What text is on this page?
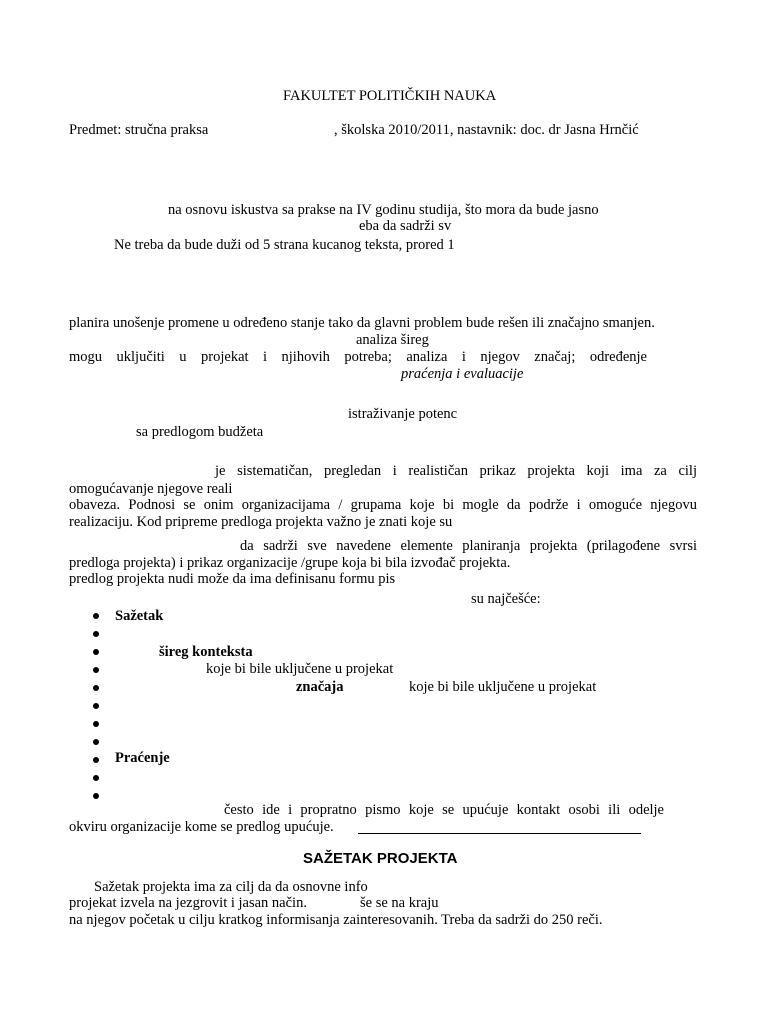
FAKULTET POLITIČKIH NAUKA
Predmet: stručna praksa	, školska 2010/2011, nastavnik: doc. dr Jasna Hrnčić
na osnovu iskustva sa prakse na IV godinu studija, što mora da bude jasno
eba da sadrži sv
Ne treba da bude duži od 5 strana kucanog teksta, prored 1
planira unošenje promene u određeno stanje tako da glavni problem bude rešen ili značajno smanjen.
analiza šireg
mogu uključiti u projekat i njihovih potreba; analiza i njegov značaj; određenje
praćenja i evaluacije
istraživanje potenc
sa predlogom budžeta
je sistematičan, pregledan i realističan prikaz projekta koji ima za cilj
omogućavanje njegove reali
obaveza. Podnosi se onim organizacijama / grupama koje bi mogle da podrže i omoguće njegovu
realizaciju. Kod pripreme predloga projekta važno je znati koje su
da sadrži sve navedene elemente planiranja projekta (prilagođene svrsi
predloga projekta) i prikaz organizacije /grupe koja bi bila izvođač projekta.
predlog projekta nudi može da ima definisanu formu pis
su najčešće:
Sažetak
šireg konteksta
koje bi bile uključene u projekat
značaja	koje bi bile uključene u projekat
Praćenje
često ide i propratno pismo koje se upućuje kontakt osobi ili odelje
okviru organizacije kome se predlog upućuje.
SAŽETAK PROJEKTA
Sažetak projekta ima za cilj da da osnovne info
projekat izvela na jezgrovit i jasan način.	še se na kraju
na njegov početak u cilju kratkog informisanja zainteresovanih. Treba da sadrži do 250 reči.
